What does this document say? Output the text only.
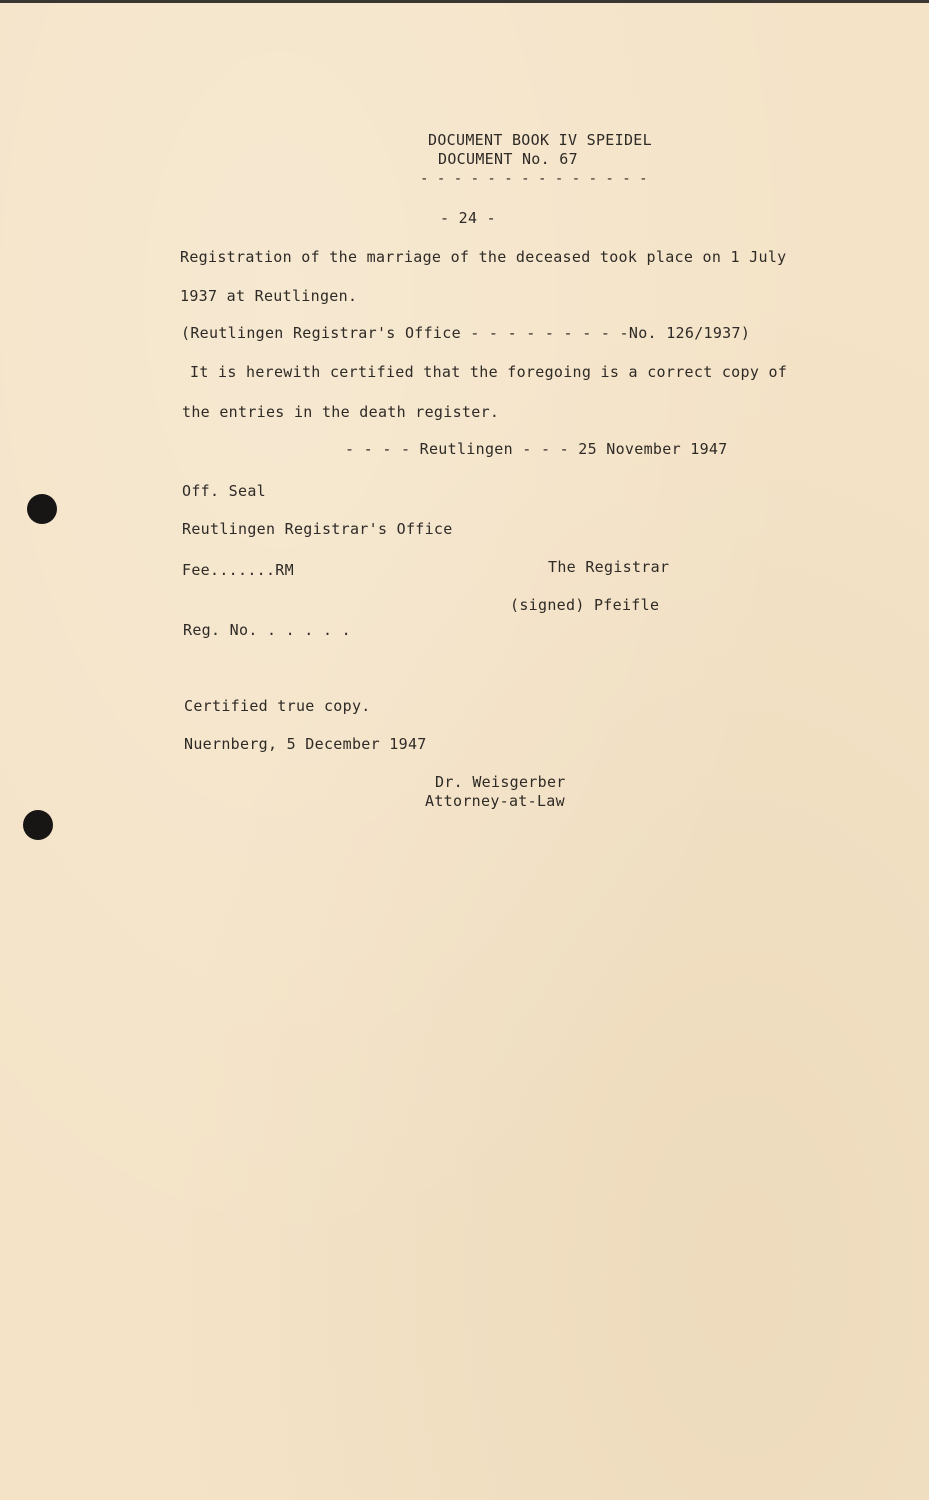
DOCUMENT BOOK IV SPEIDEL
DOCUMENT No. 67
- - - - - - - - - - - - - -
- 24 -
Registration of the marriage of the deceased took place on 1 July
1937 at Reutlingen.
(Reutlingen Registrar's Office - - - - - - - - -No. 126/1937)
It is herewith certified that the foregoing is a correct copy of
the entries in the death register.
- - - - Reutlingen - - - 25 November 1947
Off. Seal
Reutlingen Registrar's Office
Fee.......RM	The Registrar
(signed) Pfeifle
Reg. No. . . . . .
Certified true copy.
Nuernberg, 5 December 1947
Dr. Weisgerber
Attorney-at-Law
